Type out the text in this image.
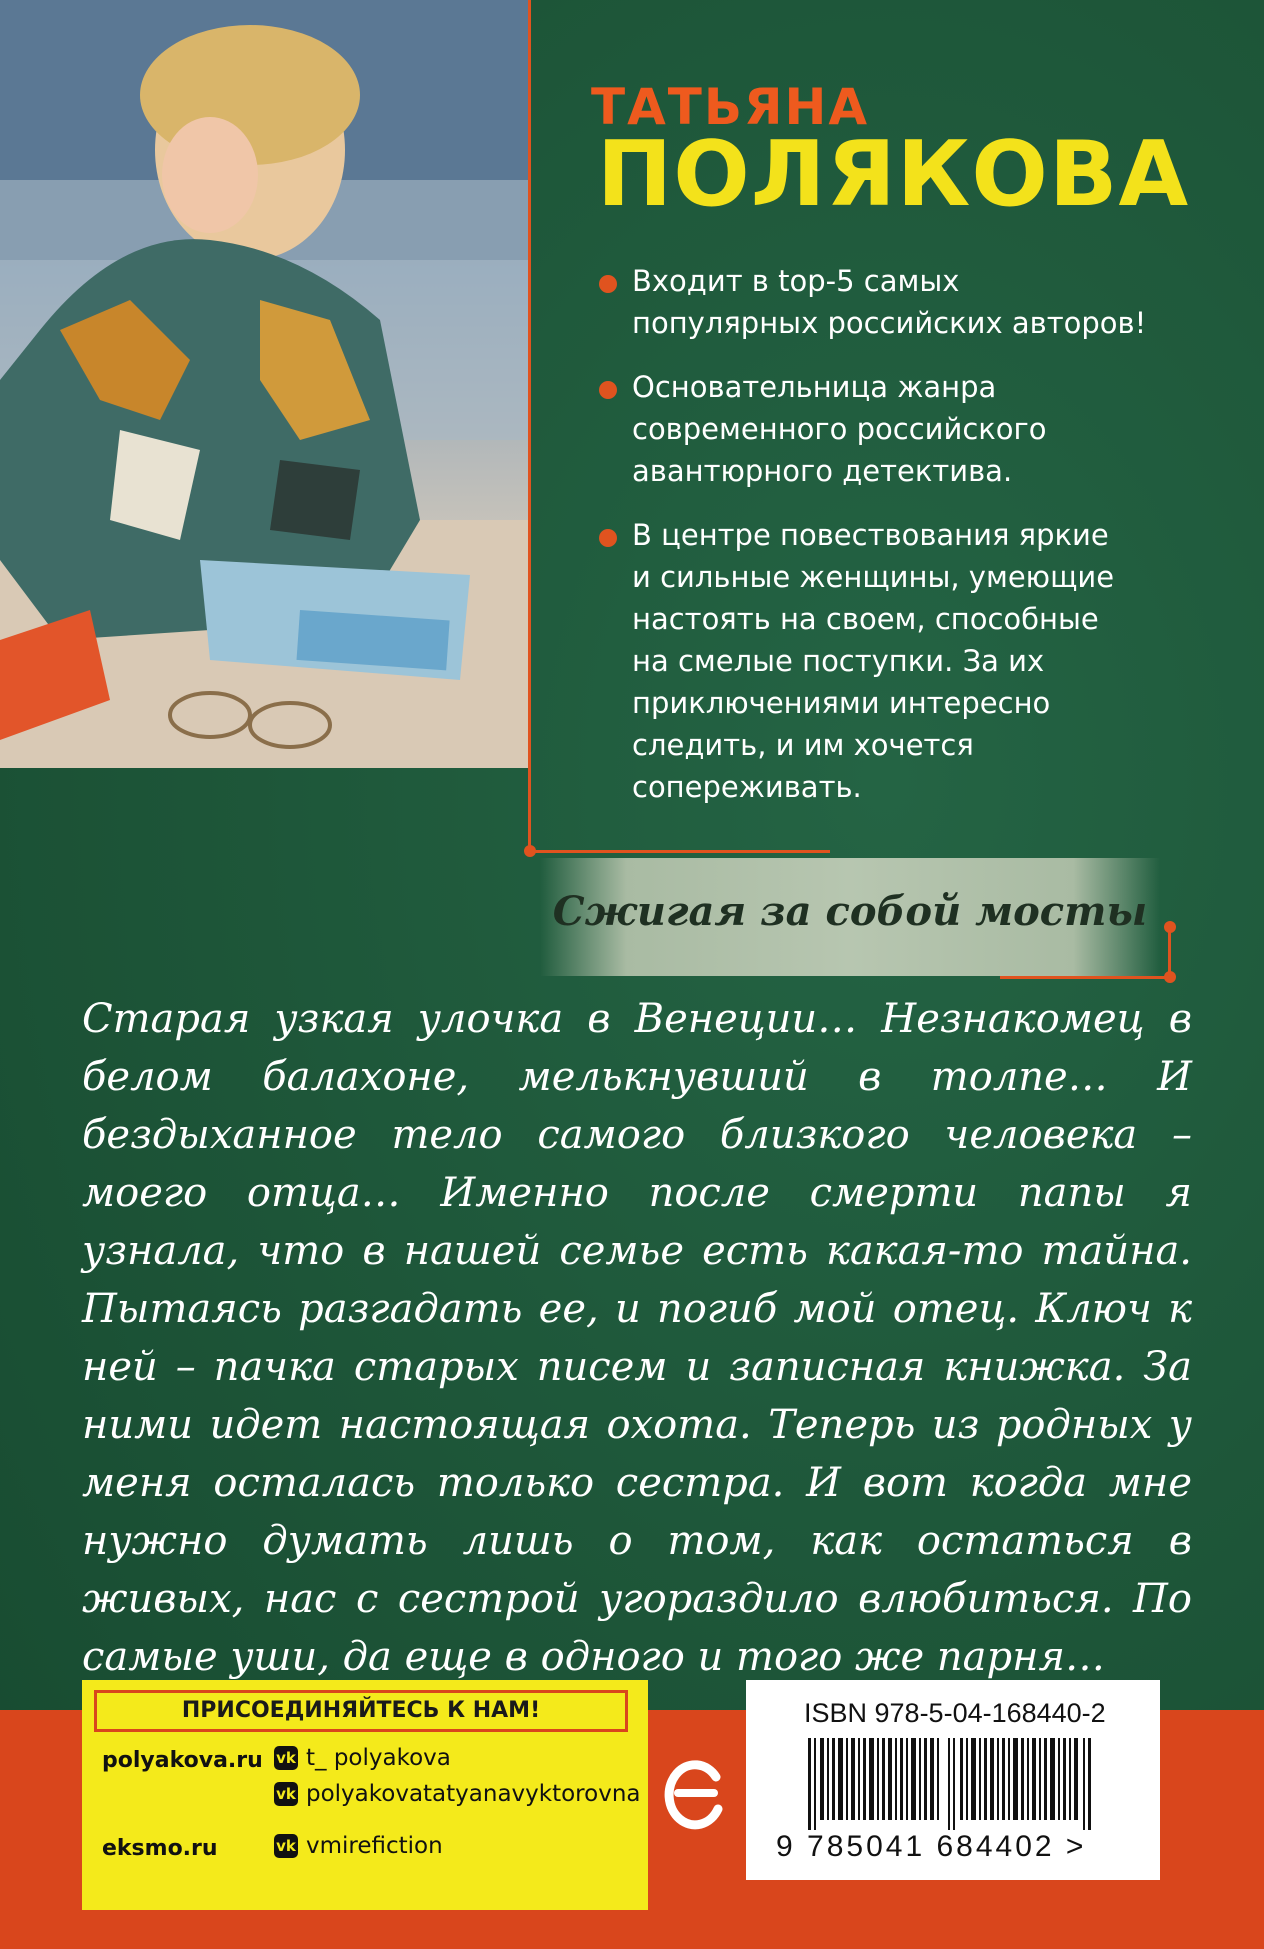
ТАТЬЯНА
ПОЛЯКОВА
Входит в top-5 самых
популярных российских авторов!
Основательница жанра
современного российского
авантюрного детектива.
В центре повествования яркие
и сильные женщины, умеющие
настоять на своем, способные
на смелые поступки. За их
приключениями интересно
следить, и им хочется
сопереживать.
Сжигая за собой мосты
Старая узкая улочка в Венеции… Незнакомец в белом балахоне, мелькнувший в толпе… И бездыханное тело самого близкого человека – моего отца… Именно после смерти папы я узнала, что в нашей семье есть какая-то тайна. Пытаясь разгадать ее, и погиб мой отец. Ключ к ней – пачка старых писем и записная книжка. За ними идет настоящая охота. Теперь из родных у меня осталась только сестра. И вот когда мне нужно думать лишь о том, как остаться в живых, нас с сестрой угораздило влюбиться. По самые уши, да еще в одного и того же парня…
ПРИСОЕДИНЯЙТЕСЬ К НАМ!
polyakova.ru
eksmo.ru
vk t_ polyakova
vk polyakovatatyanavyktorovna
vk vmirefiction
ISBN 978-5-04-168440-2
9 785041 684402 >
